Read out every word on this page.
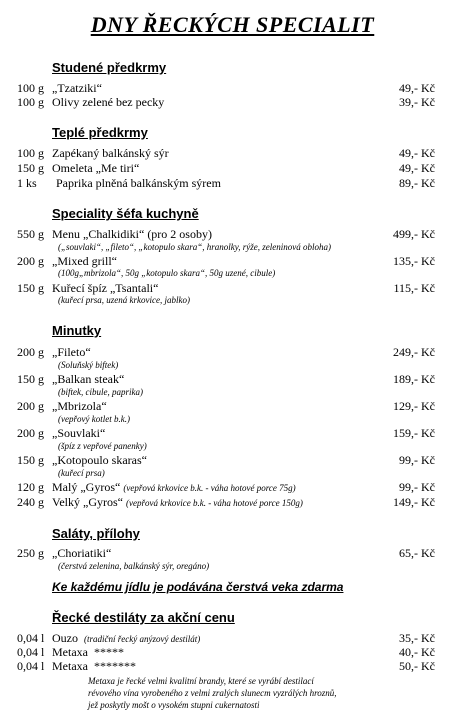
DNY ŘECKÝCH SPECIALIT
Studené předkrmy
100 g „Tzatziki“	49,- Kč
100 g Olivy zelené bez pecky	39,- Kč
Teplé předkrmy
100 g Zapékaný balkánský sýr	49,- Kč
150 g Omeleta „Me tiri“	49,- Kč
1 ks Paprika plněná balkánským sýrem	89,- Kč
Speciality šéfa kuchyně
550 g Menu „Chalkidiki“ (pro 2 osoby)	499,- Kč
(„souvlaki“, „fileto“, „kotopulo skara“, hranolky, rýže, zeleninová obloha)
200 g „Mixed grill“	135,- Kč
(100g„mbrizola“, 50g „kotopulo skara“, 50g uzené, cibule)
150 g Kuřecí špíz „Tsantali“	115,- Kč
(kuřecí prsa, uzená krkovice, jablko)
Minutky
200 g „Fileto“	249,- Kč
(Soluňský biftek)
150 g „Balkan steak“	189,- Kč
(biftek, cibule, paprika)
200 g „Mbrizola“	129,- Kč
(vepřový kotlet b.k.)
200 g „Souvlaki“	159,- Kč
(špíz z vepřové panenky)
150 g „Kotopoulo skaras“	99,- Kč
(kuřecí prsa)
120 g Malý „Gyros“ (vepřová krkovice b.k. - váha hotové porce 75g)	99,- Kč
240 g Velký „Gyros“ (vepřová krkovice b.k. - váha hotové porce 150g)	149,- Kč
Saláty, přílohy
250 g „Choriatiki“	65,- Kč
(čerstvá zelenina, balkánský sýr, oregáno)
Ke každému jídlu je podávána čerstvá veka zdarma
Řecké destiláty za akční cenu
0,04 l Ouzo (tradiční řecký anýzový destilát)	35,- Kč
0,04 l Metaxa  *****	40,- Kč
0,04 l Metaxa  *******	50,- Kč
Metaxa je řecké velmi kvalitní brandy, které se vyrábí destilací
révového vína vyrobeného z velmi zralých slunecm vyzrálých hroznů,
jež poskytly mošt o vysokém stupni cukernatosti
